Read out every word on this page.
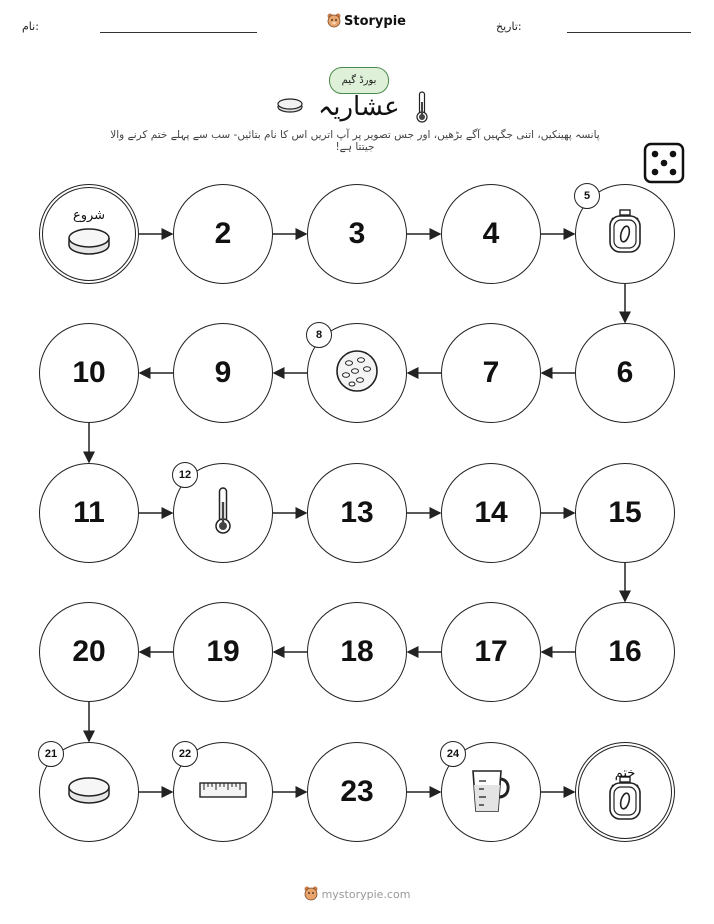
نام:	Storypie	تاریخ:
بورڈ گیم
عشاریہ
پانسہ پھینکیں، اتنی جگہیں آگے بڑھیں، اور جس تصویر پر آپ اتریں اس کا نام بتائیں- سب سے پہلے ختم کرنے والا جیتتا ہے!
شروع
2	3	4
5
6
7
8
9
10
11
12
13	14	15
16
17
18
19
20
21	22
23
24
ختم
mystorypie.com
